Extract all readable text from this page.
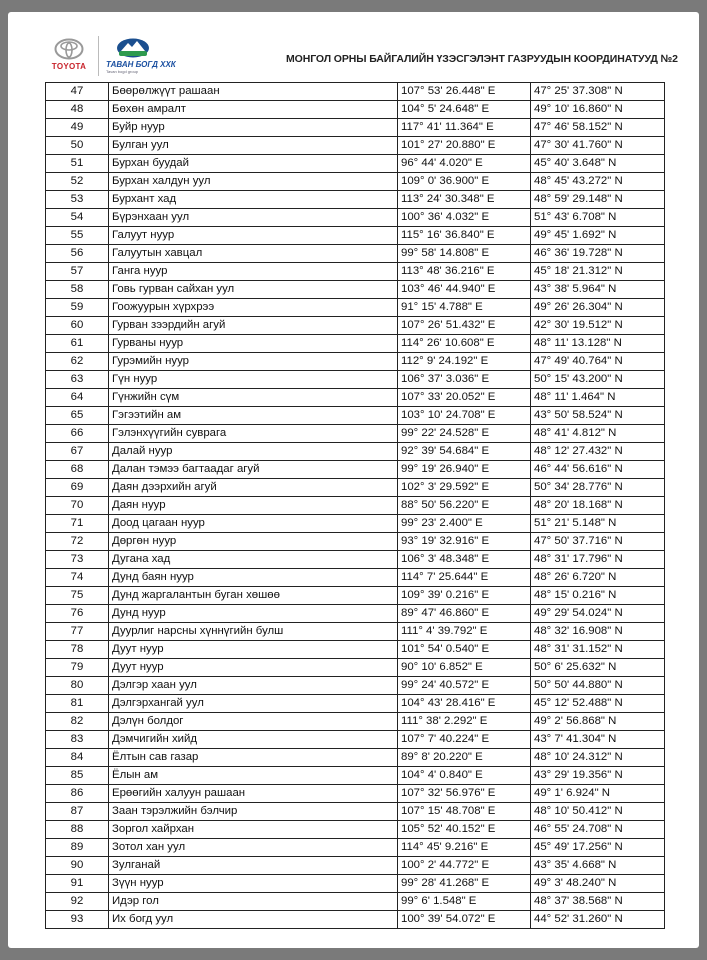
TOYOTA	ТАВАН БОГД ХХК
Tavan bogd group
МОНГОЛ ОРНЫ БАЙГАЛИЙН ҮЗЭСГЭЛЭНТ ГАЗРУУДЫН КООРДИНАТУУД №2
47	Бөөрөлжүүт рашаан	107° 53' 26.448" E	47° 25' 37.308" N
48	Бөхөн амралт	104° 5' 24.648" E	49° 10' 16.860" N
49	Буйр нуур	117° 41' 11.364" E	47° 46' 58.152" N
50	Булган уул	101° 27' 20.880" E	47° 30' 41.760" N
51	Бурхан буудай	96° 44' 4.020" E	45° 40' 3.648" N
52	Бурхан халдун уул	109° 0' 36.900" E	48° 45' 43.272" N
53	Бурхант хад	113° 24' 30.348" E	48° 59' 29.148" N
54	Бүрэнхаан уул	100° 36' 4.032" E	51° 43' 6.708" N
55	Галуут нуур	115° 16' 36.840" E	49° 45' 1.692" N
56	Галуутын хавцал	99° 58' 14.808" E	46° 36' 19.728" N
57	Ганга нуур	113° 48' 36.216" E	45° 18' 21.312" N
58	Говь гурван сайхан уул	103° 46' 44.940" E	43° 38' 5.964" N
59	Гоожуурын хүрхрээ	91° 15' 4.788" E	49° 26' 26.304" N
60	Гурван зээрдийн агуй	107° 26' 51.432" E	42° 30' 19.512" N
61	Гурваны нуур	114° 26' 10.608" E	48° 11' 13.128" N
62	Гурэмийн нуур	112° 9' 24.192" E	47° 49' 40.764" N
63	Гүн нуур	106° 37' 3.036" E	50° 15' 43.200" N
64	Гүнжийн сүм	107° 33' 20.052" E	48° 11' 1.464" N
65	Гэгээтийн ам	103° 10' 24.708" E	43° 50' 58.524" N
66	Гэлэнхүүгийн суврага	99° 22' 24.528" E	48° 41' 4.812" N
67	Далай нуур	92° 39' 54.684" E	48° 12' 27.432" N
68	Далан тэмээ багтаадаг агуй	99° 19' 26.940" E	46° 44' 56.616" N
69	Даян дээрхийн агуй	102° 3' 29.592" E	50° 34' 28.776" N
70	Даян нуур	88° 50' 56.220" E	48° 20' 18.168" N
71	Доод цагаан нуур	99° 23' 2.400" E	51° 21' 5.148" N
72	Дөргөн нуур	93° 19' 32.916" E	47° 50' 37.716" N
73	Дугана хад	106° 3' 48.348" E	48° 31' 17.796" N
74	Дунд баян нуур	114° 7' 25.644" E	48° 26' 6.720" N
75	Дунд жаргалантын буган хөшөө	109° 39' 0.216" E	48° 15' 0.216" N
76	Дунд нуур	89° 47' 46.860" E	49° 29' 54.024" N
77	Дуурлиг нарсны хүннүгийн булш	111° 4' 39.792" E	48° 32' 16.908" N
78	Дуут нуур	101° 54' 0.540" E	48° 31' 31.152" N
79	Дуут нуур	90° 10' 6.852" E	50° 6' 25.632" N
80	Дэлгэр хаан уул	99° 24' 40.572" E	50° 50' 44.880" N
81	Дэлгэрхангай уул	104° 43' 28.416" E	45° 12' 52.488" N
82	Дэлүн болдог	111° 38' 2.292" E	49° 2' 56.868" N
83	Дэмчигийн хийд	107° 7' 40.224" E	43° 7' 41.304" N
84	Ёлтын сав газар	89° 8' 20.220" E	48° 10' 24.312" N
85	Ёлын ам	104° 4' 0.840" E	43° 29' 19.356" N
86	Ерөөгийн халуун рашаан	107° 32' 56.976" E	49° 1' 6.924" N
87	Заан тэрэлжийн бэлчир	107° 15' 48.708" E	48° 10' 50.412" N
88	Зоргол хайрхан	105° 52' 40.152" E	46° 55' 24.708" N
89	Зотол хан уул	114° 45' 9.216" E	45° 49' 17.256" N
90	Зулганай	100° 2' 44.772" E	43° 35' 4.668" N
91	Зүүн нуур	99° 28' 41.268" E	49° 3' 48.240" N
92	Идэр гол	99° 6' 1.548" E	48° 37' 38.568" N
93	Их богд уул	100° 39' 54.072" E	44° 52' 31.260" N
